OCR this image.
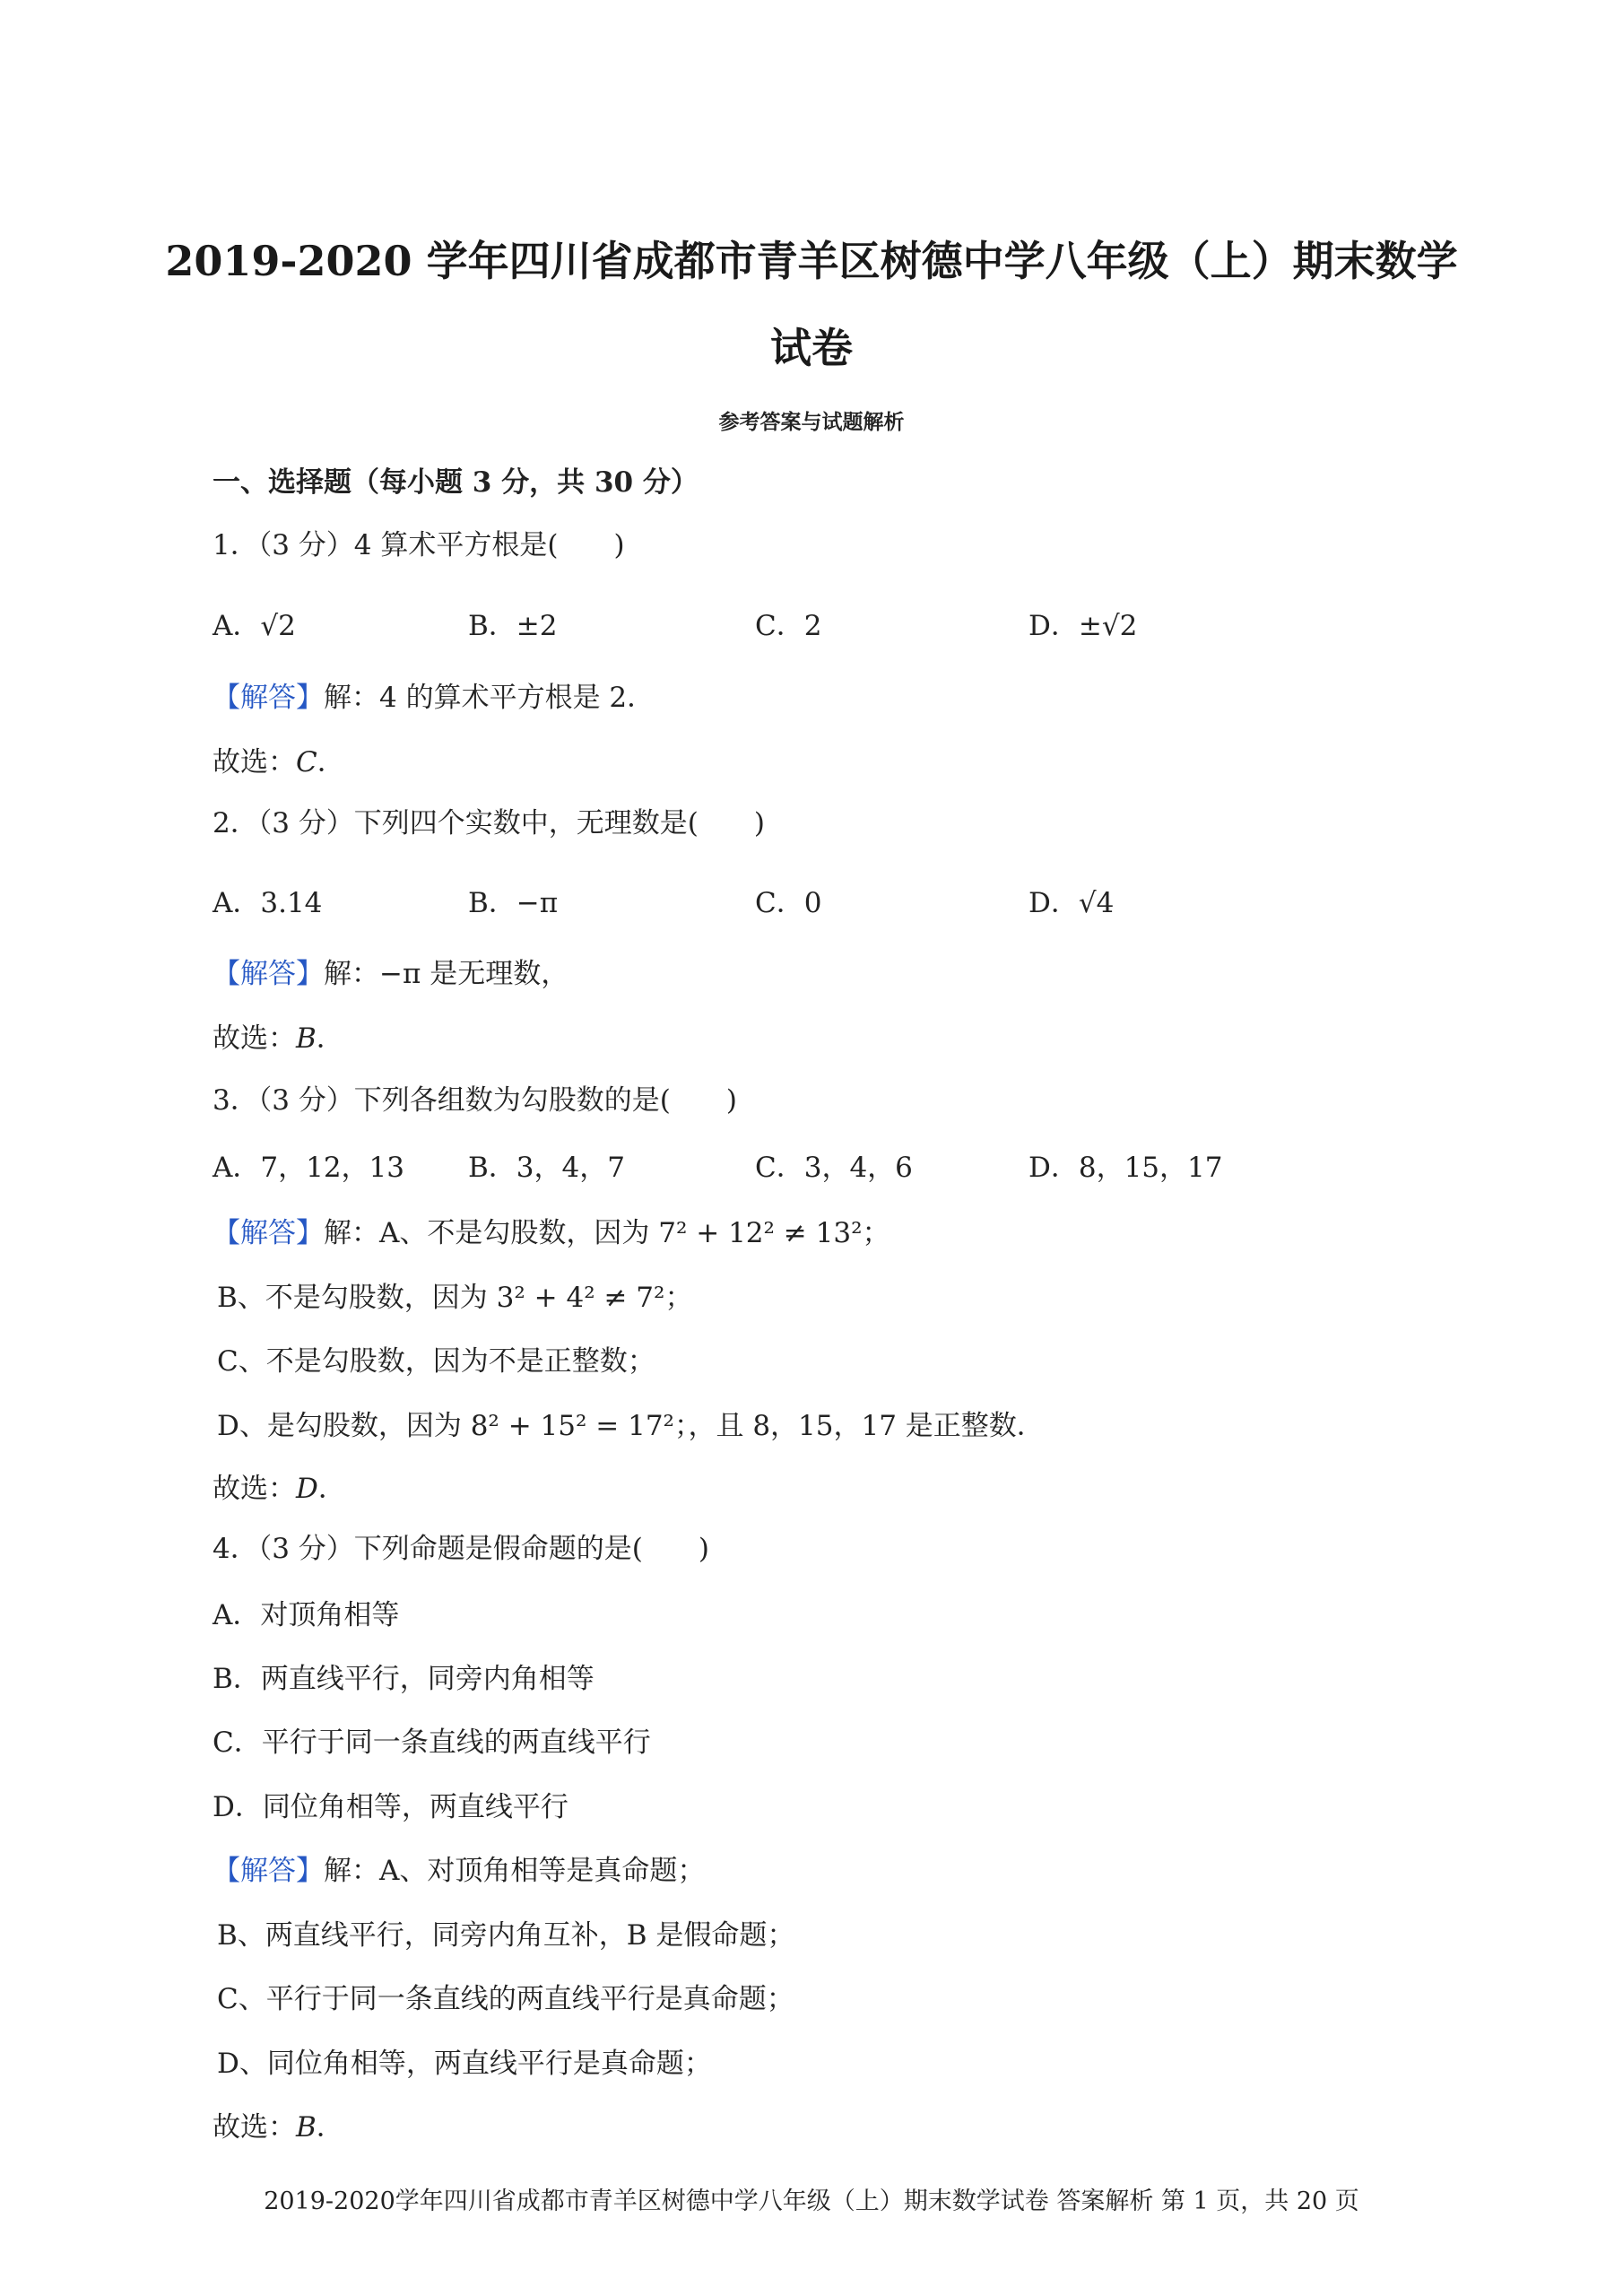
2019-2020 学年四川省成都市青羊区树德中学八年级（上）期末数学
试卷
参考答案与试题解析
一、选择题（每小题 3 分，共 30 分）
1．（3 分）4 算术平方根是(　　)
A．√2	B．±2	C．2	D．±√2
【解答】解：4 的算术平方根是 2．
故选：C．
2．（3 分）下列四个实数中，无理数是(　　)
A．3.14	B．−π	C．0	D．√4
【解答】解：−π 是无理数，
故选：B．
3．（3 分）下列各组数为勾股数的是(　　)
A．7，12，13 B．3，4，7	C．3，4，6	D．8，15，17
【解答】解：A、不是勾股数，因为 7² + 12² ≠ 13²；
B、不是勾股数，因为 3² + 4² ≠ 7²；
C、不是勾股数，因为不是正整数；
D、是勾股数，因为 8² + 15² = 17²；，且 8，15，17 是正整数．
故选：D．
4．（3 分）下列命题是假命题的是(　　)
A．对顶角相等
B．两直线平行，同旁内角相等
C．平行于同一条直线的两直线平行
D．同位角相等，两直线平行
【解答】解：A、对顶角相等是真命题；
B、两直线平行，同旁内角互补，B 是假命题；
C、平行于同一条直线的两直线平行是真命题；
D、同位角相等，两直线平行是真命题；
故选：B．
2019-2020学年四川省成都市青羊区树德中学八年级（上）期末数学试卷 答案解析 第 1 页，共 20 页
